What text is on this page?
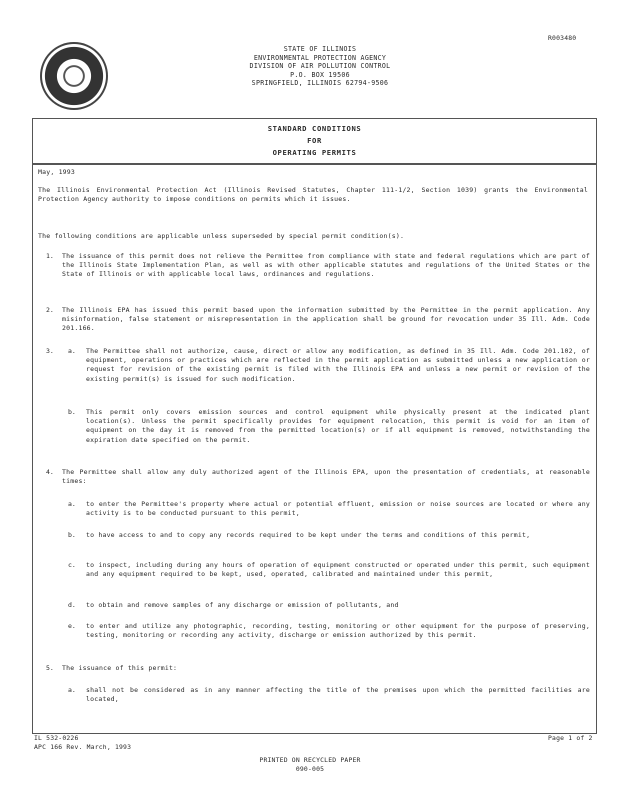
R003480
STATE OF ILLINOIS
ENVIRONMENTAL PROTECTION AGENCY
DIVISION OF AIR POLLUTION CONTROL
P.O. BOX 19506
SPRINGFIELD, ILLINOIS 62794-9506
STANDARD CONDITIONS
FOR
OPERATING PERMITS
May, 1993
The Illinois Environmental Protection Act (Illinois Revised Statutes, Chapter 111-1/2, Section 1039) grants the Environmental Protection Agency authority to impose conditions on permits which it issues.
The following conditions are applicable unless superseded by special permit condition(s).
1. The issuance of this permit does not relieve the Permittee from compliance with state and federal regulations which are part of the Illinois State Implementation Plan, as well as with other applicable statutes and regulations of the United States or the State of Illinois or with applicable local laws, ordinances and regulations.
2. The Illinois EPA has issued this permit based upon the information submitted by the Permittee in the permit application. Any misinformation, false statement or misrepresentation in the application shall be ground for revocation under 35 Ill. Adm. Code 201.166.
3. a. The Permittee shall not authorize, cause, direct or allow any modification, as defined in 35 Ill. Adm. Code 201.102, of equipment, operations or practices which are reflected in the permit application as submitted unless a new application or request for revision of the existing permit is filed with the Illinois EPA and unless a new permit or revision of the existing permit(s) is issued for such modification.
b. This permit only covers emission sources and control equipment while physically present at the indicated plant location(s). Unless the permit specifically provides for equipment relocation, this permit is void for an item of equipment on the day it is removed from the permitted location(s) or if all equipment is removed, notwithstanding the expiration date specified on the permit.
4. The Permittee shall allow any duly authorized agent of the Illinois EPA, upon the presentation of credentials, at reasonable times:
a. to enter the Permittee's property where actual or potential effluent, emission or noise sources are located or where any activity is to be conducted pursuant to this permit,
b. to have access to and to copy any records required to be kept under the terms and conditions of this permit,
c. to inspect, including during any hours of operation of equipment constructed or operated under this permit, such equipment and any equipment required to be kept, used, operated, calibrated and maintained under this permit,
d. to obtain and remove samples of any discharge or emission of pollutants, and
e. to enter and utilize any photographic, recording, testing, monitoring or other equipment for the purpose of preserving, testing, monitoring or recording any activity, discharge or emission authorized by this permit.
5. The issuance of this permit:
a. shall not be considered as in any manner affecting the title of the premises upon which the permitted facilities are located,
IL 532-0226
APC 166 Rev. March, 1993
Page 1 of 2
PRINTED ON RECYCLED PAPER
090-005
